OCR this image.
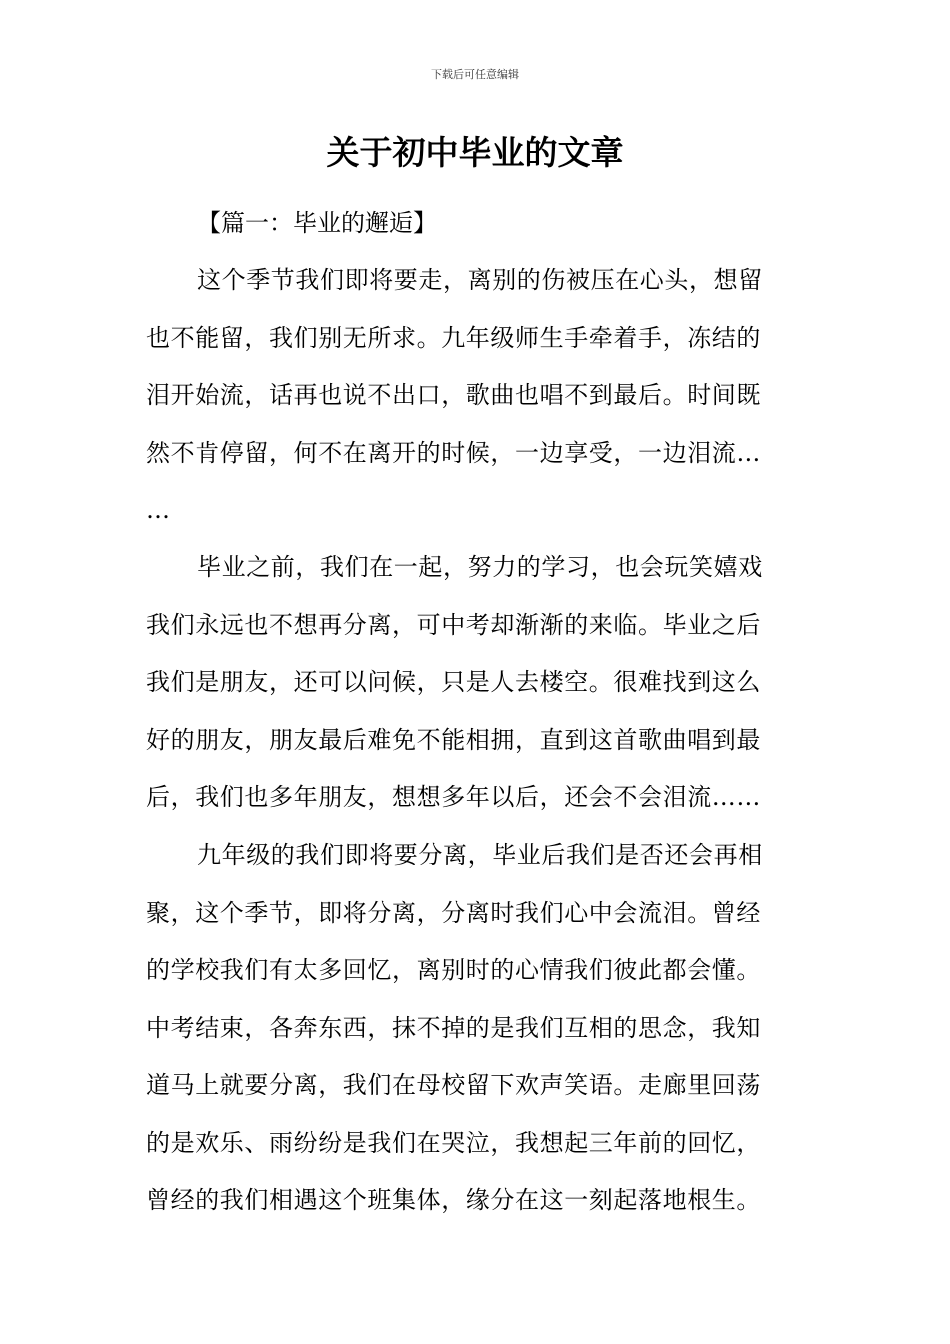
下载后可任意编辑
关于初中毕业的文章

【篇一：毕业的邂逅】

这个季节我们即将要走，离别的伤被压在心头，想留
也不能留，我们别无所求。九年级师生手牵着手，冻结的
泪开始流，话再也说不出口，歌曲也唱不到最后。时间既
然不肯停留，何不在离开的时候，一边享受，一边泪流…
…
毕业之前，我们在一起，努力的学习，也会玩笑嬉戏
我们永远也不想再分离，可中考却渐渐的来临。毕业之后
我们是朋友，还可以问候，只是人去楼空。很难找到这么
好的朋友，朋友最后难免不能相拥，直到这首歌曲唱到最
后，我们也多年朋友，想想多年以后，还会不会泪流……
九年级的我们即将要分离，毕业后我们是否还会再相
聚，这个季节，即将分离，分离时我们心中会流泪。曾经
的学校我们有太多回忆，离别时的心情我们彼此都会懂。
中考结束，各奔东西，抹不掉的是我们互相的思念，我知
道马上就要分离，我们在母校留下欢声笑语。走廊里回荡
的是欢乐、雨纷纷是我们在哭泣，我想起三年前的回忆，
曾经的我们相遇这个班集体，缘分在这一刻起落地根生。
